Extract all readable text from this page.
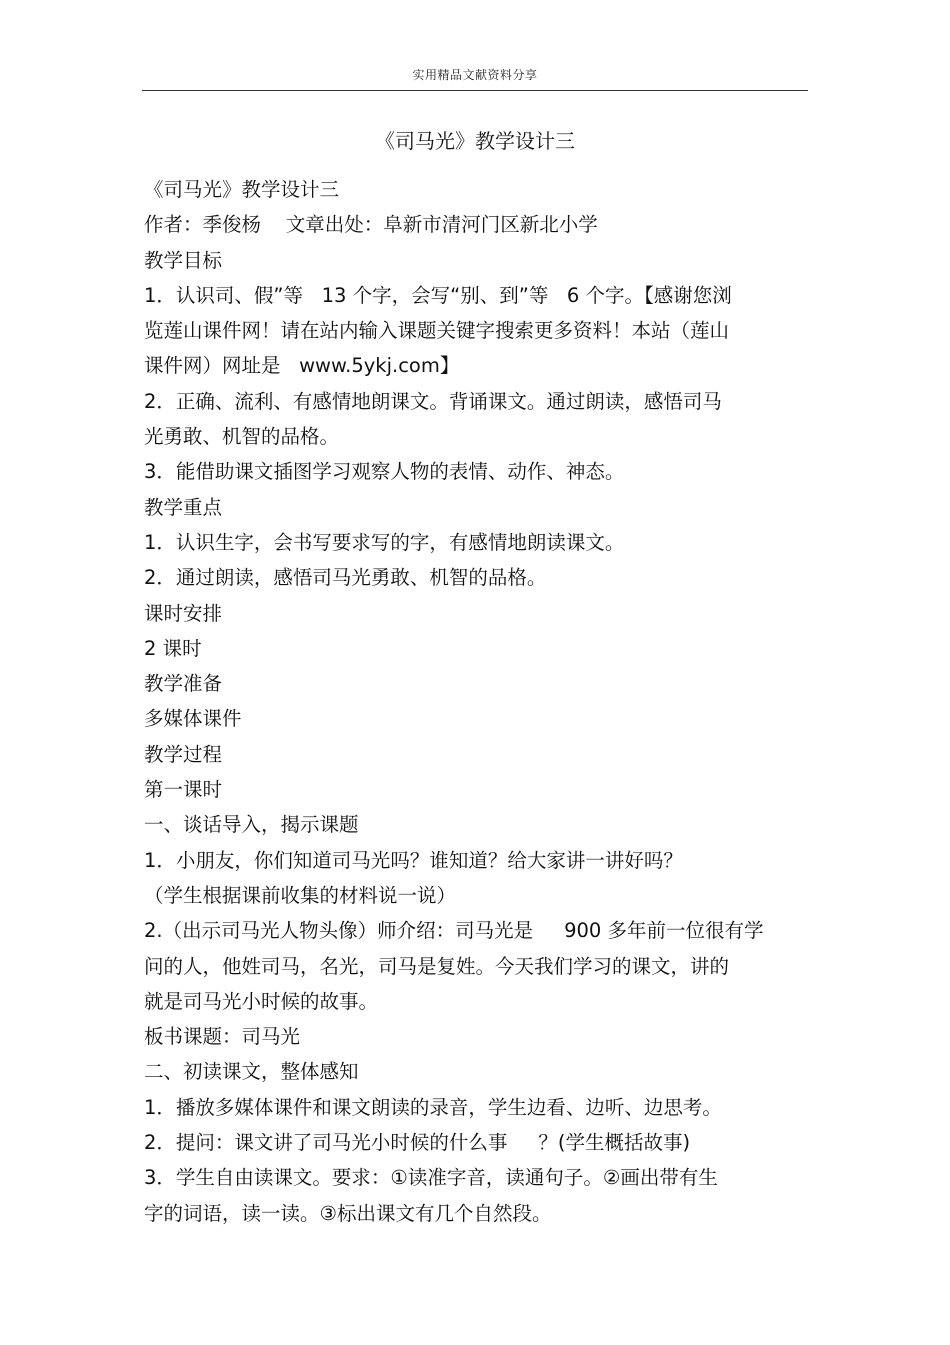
实用精品文献资料分享
《司马光》教学设计三
《司马光》教学设计三
作者：季俊杨    文章出处：阜新市清河门区新北小学
教学目标
1．认识司、假”等   13 个字，会写“别、到”等   6 个字。【感谢您浏
览莲山课件网！请在站内输入课题关键字搜索更多资料！本站（莲山
课件网）网址是   www.5ykj.com】
2．正确、流利、有感情地朗课文。背诵课文。通过朗读，感悟司马
光勇敢、机智的品格。
3．能借助课文插图学习观察人物的表情、动作、神态。
教学重点
1．认识生字，会书写要求写的字，有感情地朗读课文。
2．通过朗读，感悟司马光勇敢、机智的品格。
课时安排
2 课时
教学准备
多媒体课件
教学过程
第一课时
一、谈话导入，揭示课题
1．小朋友，你们知道司马光吗？谁知道？给大家讲一讲好吗？
（学生根据课前收集的材料说一说）
2.（出示司马光人物头像）师介绍：司马光是     900 多年前一位很有学
问的人，他姓司马，名光，司马是复姓。今天我们学习的课文，讲的
就是司马光小时候的故事。
板书课题：司马光
二、初读课文，整体感知
1．播放多媒体课件和课文朗读的录音，学生边看、边听、边思考。
2．提问：课文讲了司马光小时候的什么事     ？(学生概括故事)
3．学生自由读课文。要求：①读准字音，读通句子。②画出带有生
字的词语，读一读。③标出课文有几个自然段。
